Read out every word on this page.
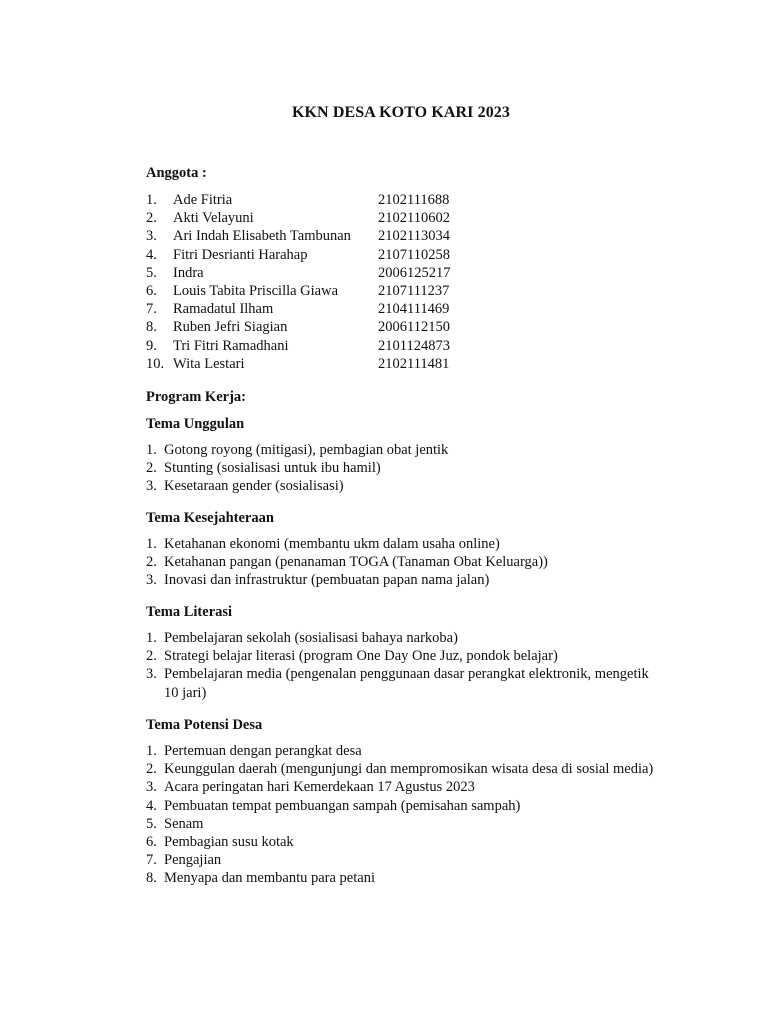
KKN DESA KOTO KARI 2023
Anggota :
1.	Ade Fitria	2102111688
2.	Akti Velayuni	2102110602
3.	Ari Indah Elisabeth Tambunan 2102113034
4.	Fitri Desrianti Harahap	2107110258
5.	Indra	2006125217
6.	Louis Tabita Priscilla Giawa	2107111237
7.	Ramadatul Ilham	2104111469
8.	Ruben Jefri Siagian	2006112150
9.	Tri Fitri Ramadhani	2101124873
10. Wita Lestari	2102111481
Program Kerja:
Tema Unggulan
1. Gotong royong (mitigasi), pembagian obat jentik
2. Stunting (sosialisasi untuk ibu hamil)
3. Kesetaraan gender (sosialisasi)
Tema Kesejahteraan
1. Ketahanan ekonomi (membantu ukm dalam usaha online)
2. Ketahanan pangan (penanaman TOGA (Tanaman Obat Keluarga))
3. Inovasi dan infrastruktur (pembuatan papan nama jalan)
Tema Literasi
1. Pembelajaran sekolah (sosialisasi bahaya narkoba)
2. Strategi belajar literasi (program One Day One Juz, pondok belajar)
3. Pembelajaran media (pengenalan penggunaan dasar perangkat elektronik, mengetik 10 jari)
Tema Potensi Desa
1. Pertemuan dengan perangkat desa
2. Keunggulan daerah (mengunjungi dan mempromosikan wisata desa di sosial media)
3. Acara peringatan hari Kemerdekaan 17 Agustus 2023
4. Pembuatan tempat pembuangan sampah (pemisahan sampah)
5. Senam
6. Pembagian susu kotak
7. Pengajian
8. Menyapa dan membantu para petani
